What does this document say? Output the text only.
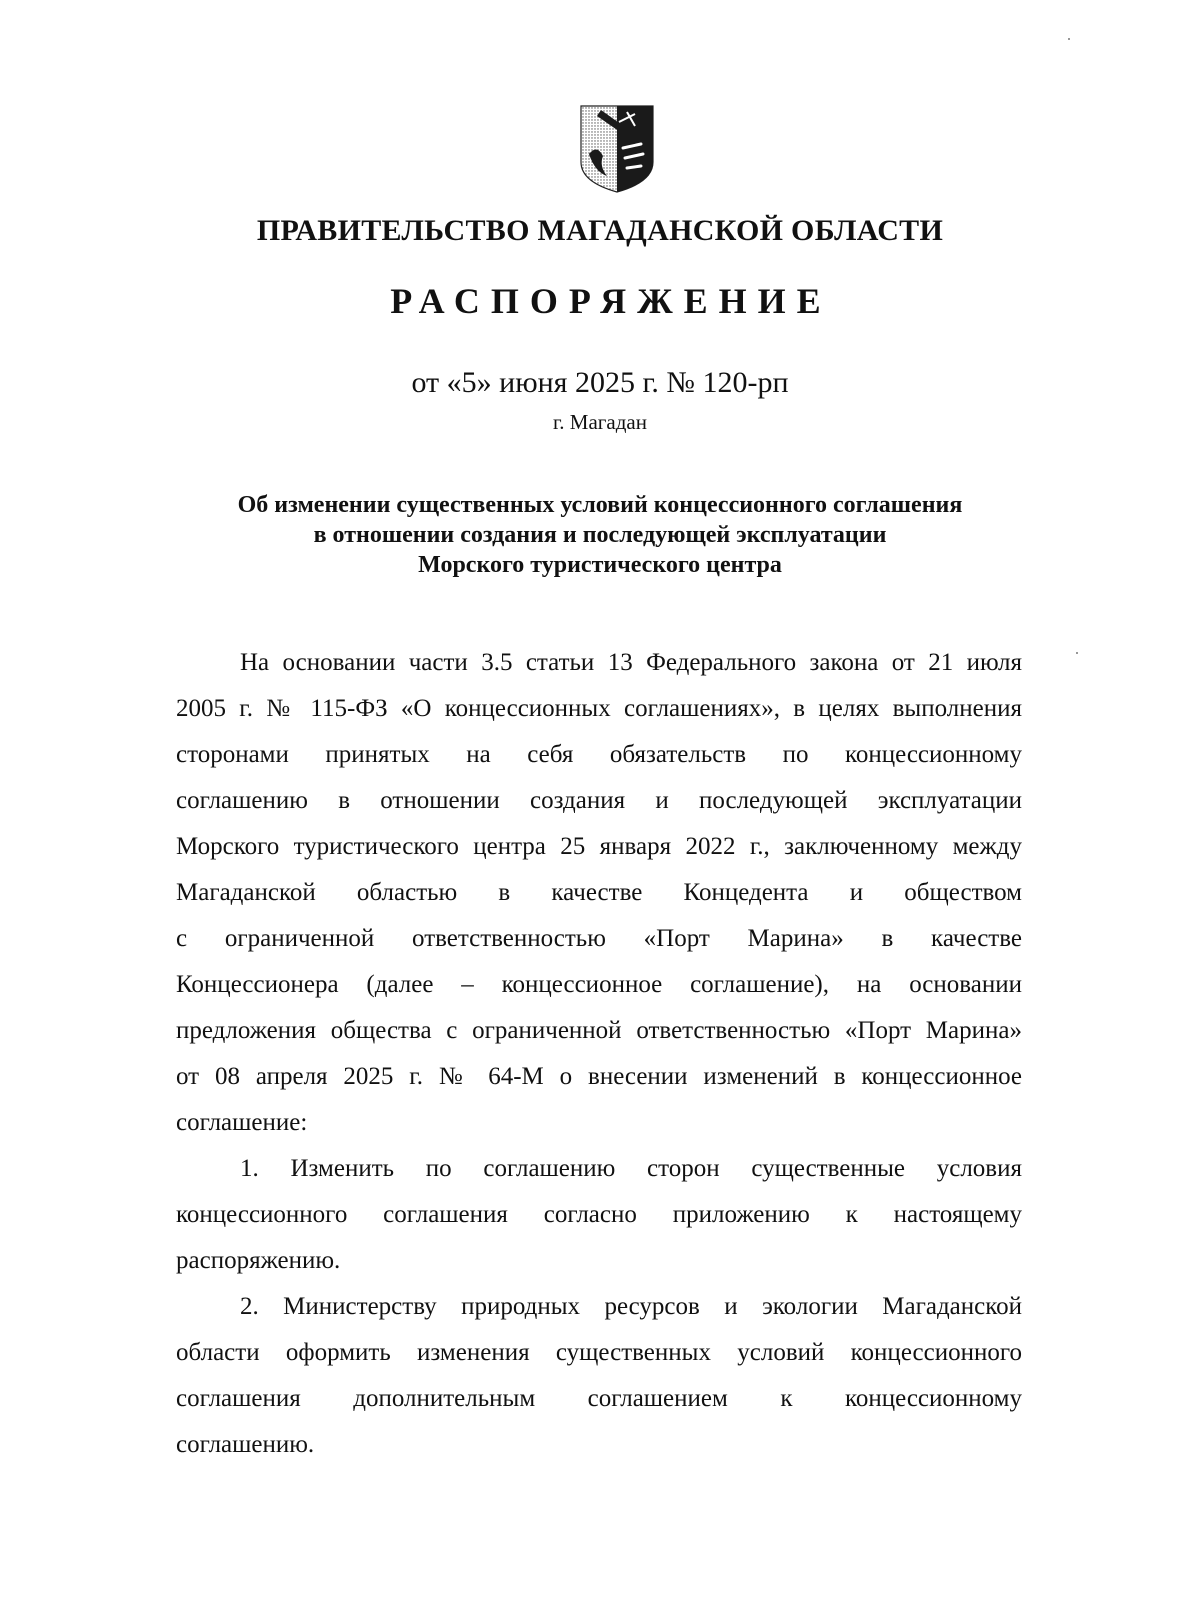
ПРАВИТЕЛЬСТВО МАГАДАНСКОЙ ОБЛАСТИ
РАСПОРЯЖЕНИЕ
от «5» июня 2025 г. № 120-рп
г. Магадан
Об изменении существенных условий концессионного соглашения
в отношении создания и последующей эксплуатации
Морского туристического центра
На основании части 3.5 статьи 13 Федерального закона от 21 июля
2005 г. № 115-ФЗ «О концессионных соглашениях», в целях выполнения
сторонами принятых на себя обязательств по концессионному
соглашению в отношении создания и последующей эксплуатации
Морского туристического центра 25 января 2022 г., заключенному между
Магаданской областью в качестве Концедента и обществом
с ограниченной ответственностью «Порт Марина» в качестве
Концессионера (далее – концессионное соглашение), на основании
предложения общества с ограниченной ответственностью «Порт Марина»
от 08 апреля 2025 г. № 64-М о внесении изменений в концессионное
соглашение:
1. Изменить по соглашению сторон существенные условия
концессионного соглашения согласно приложению к настоящему
распоряжению.
2. Министерству природных ресурсов и экологии Магаданской
области оформить изменения существенных условий концессионного
соглашения дополнительным соглашением к концессионному
соглашению.
